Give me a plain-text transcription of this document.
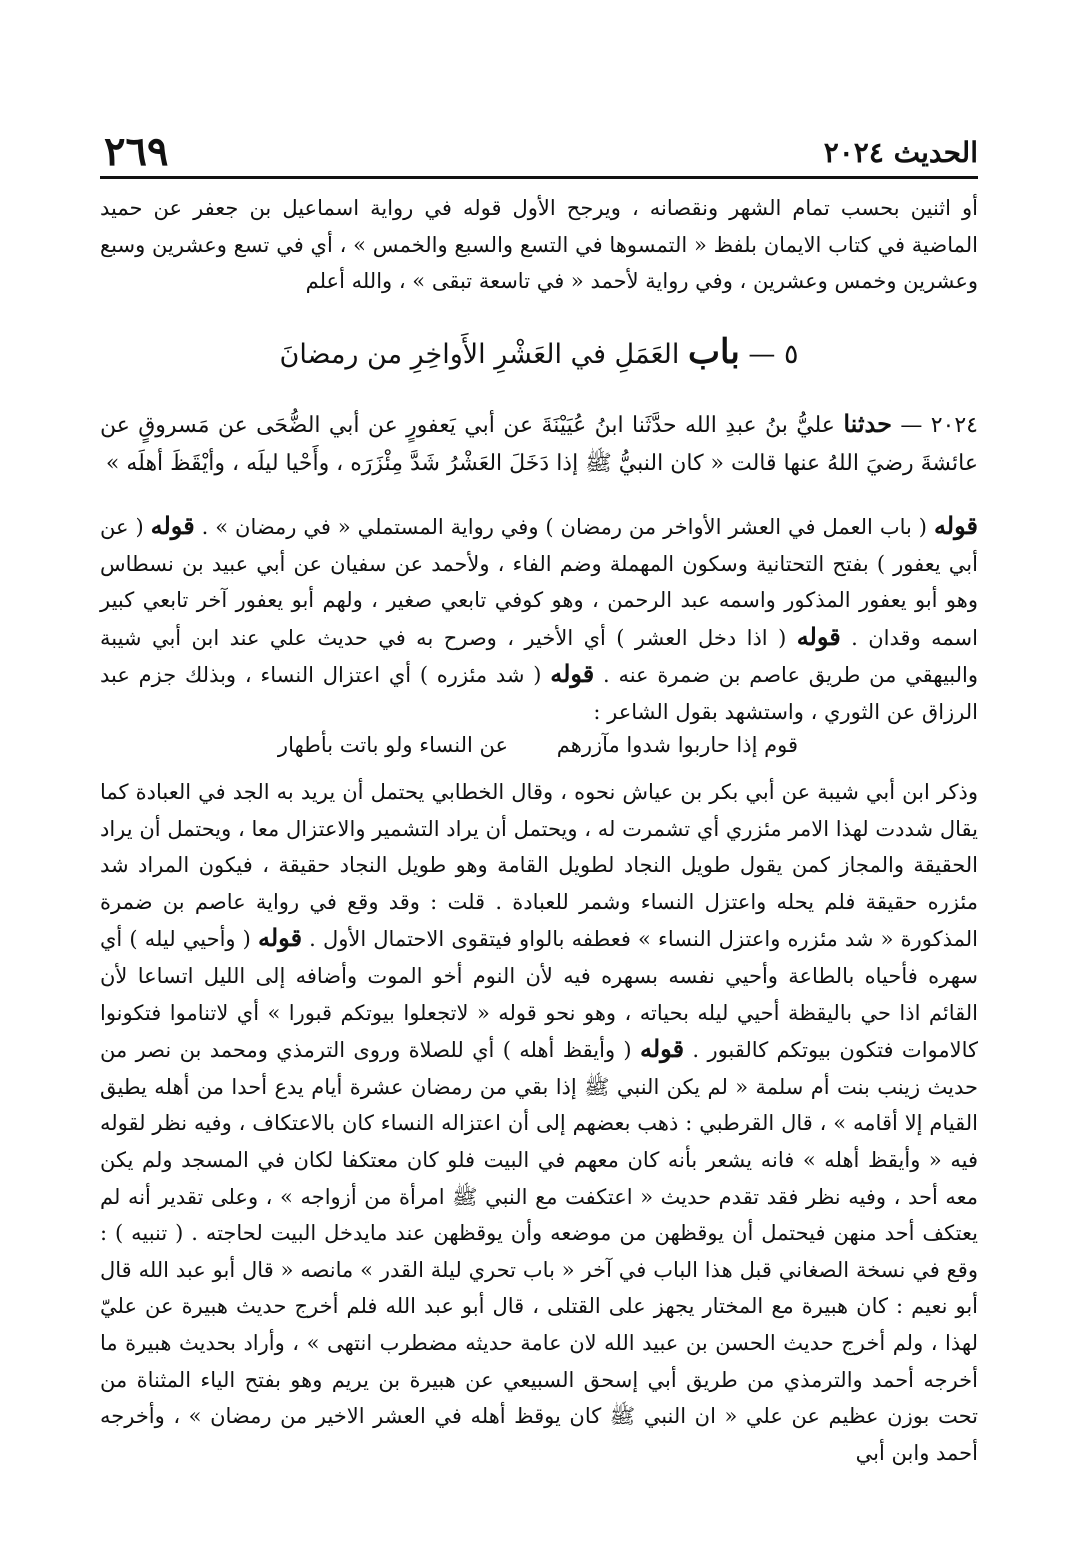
الحديث ٢٠٢٤
٢٦٩
أو اثنين بحسب تمام الشهر ونقصانه ، ويرجح الأول قوله في رواية اسماعيل بن جعفر عن حميد الماضية في كتاب الايمان بلفظ « التمسوها في التسع والسبع والخمس » ، أي في تسع وعشرين وسبع وعشرين وخمس وعشرين ، وفي رواية لأحمد « في تاسعة تبقى » ، والله أعلم
٥ — باب العَمَلِ في العَشْرِ الأَواخِرِ من رمضانَ
٢٠٢٤ — حدثنا عليُّ بنُ عبدِ الله حدَّثَنا ابنُ عُيَيْنَةَ عن أبي يَعفورٍ عن أبي الضُّحَى عن مَسروقٍ عن عائشةَ رضيَ اللهُ عنها قالت « كان النبيُّ ﷺ إذا دَخَلَ العَشْرُ شَدَّ مِئْزَرَه ، وأَحْيا ليلَه ، وأيْقَظَ أهلَه »
قوله ( باب العمل في العشر الأواخر من رمضان ) وفي رواية المستملي « في رمضان » . قوله ( عن أبي يعفور ) بفتح التحتانية وسكون المهملة وضم الفاء ، ولأحمد عن سفيان عن أبي عبيد بن نسطاس وهو أبو يعفور المذكور واسمه عبد الرحمن ، وهو كوفي تابعي صغير ، ولهم أبو يعفور آخر تابعي كبير اسمه وقدان . قوله ( اذا دخل العشر ) أي الأخير ، وصرح به في حديث علي عند ابن أبي شيبة والبيهقي من طريق عاصم بن ضمرة عنه . قوله ( شد مئزره ) أي اعتزال النساء ، وبذلك جزم عبد الرزاق عن الثوري ، واستشهد بقول الشاعر :
قوم إذا حاربوا شدوا مآزرهم
عن النساء ولو باتت بأطهار
وذكر ابن أبي شيبة عن أبي بكر بن عياش نحوه ، وقال الخطابي يحتمل أن يريد به الجد في العبادة كما يقال شددت لهذا الامر مئزري أي تشمرت له ، ويحتمل أن يراد التشمير والاعتزال معا ، ويحتمل أن يراد الحقيقة والمجاز كمن يقول طويل النجاد لطويل القامة وهو طويل النجاد حقيقة ، فيكون المراد شد مئزره حقيقة فلم يحله واعتزل النساء وشمر للعبادة . قلت : وقد وقع في رواية عاصم بن ضمرة المذكورة « شد مئزره واعتزل النساء » فعطفه بالواو فيتقوى الاحتمال الأول . قوله ( وأحيي ليله ) أي سهره فأحياه بالطاعة وأحيي نفسه بسهره فيه لأن النوم أخو الموت وأضافه إلى الليل اتساعا لأن القائم اذا حي باليقظة أحيي ليله بحياته ، وهو نحو قوله « لاتجعلوا بيوتكم قبورا » أي لاتناموا فتكونوا كالاموات فتكون بيوتكم كالقبور . قوله ( وأيقظ أهله ) أي للصلاة وروى الترمذي ومحمد بن نصر من حديث زينب بنت أم سلمة « لم يكن النبي ﷺ إذا بقي من رمضان عشرة أيام يدع أحدا من أهله يطيق القيام إلا أقامه » ، قال القرطبي : ذهب بعضهم إلى أن اعتزاله النساء كان بالاعتكاف ، وفيه نظر لقوله فيه « وأيقظ أهله » فانه يشعر بأنه كان معهم في البيت فلو كان معتكفا لكان في المسجد ولم يكن معه أحد ، وفيه نظر فقد تقدم حديث « اعتكفت مع النبي ﷺ امرأة من أزواجه » ، وعلى تقدير أنه لم يعتكف أحد منهن فيحتمل أن يوقظهن من موضعه وأن يوقظهن عند مايدخل البيت لحاجته . ( تنبيه ) : وقع في نسخة الصغاني قبل هذا الباب في آخر « باب تحري ليلة القدر » مانصه « قال أبو عبد الله قال أبو نعيم : كان هبيرة مع المختار يجهز على القتلى ، قال أبو عبد الله فلم أخرج حديث هبيرة عن عليّ لهذا ، ولم أخرج حديث الحسن بن عبيد الله لان عامة حديثه مضطرب انتهى » ، وأراد بحديث هبيرة ما أخرجه أحمد والترمذي من طريق أبي إسحق السبيعي عن هبيرة بن يريم وهو بفتح الياء المثناة من تحت بوزن عظيم عن علي « ان النبي ﷺ كان يوقظ أهله في العشر الاخير من رمضان » ، وأخرجه أحمد وابن أبي
